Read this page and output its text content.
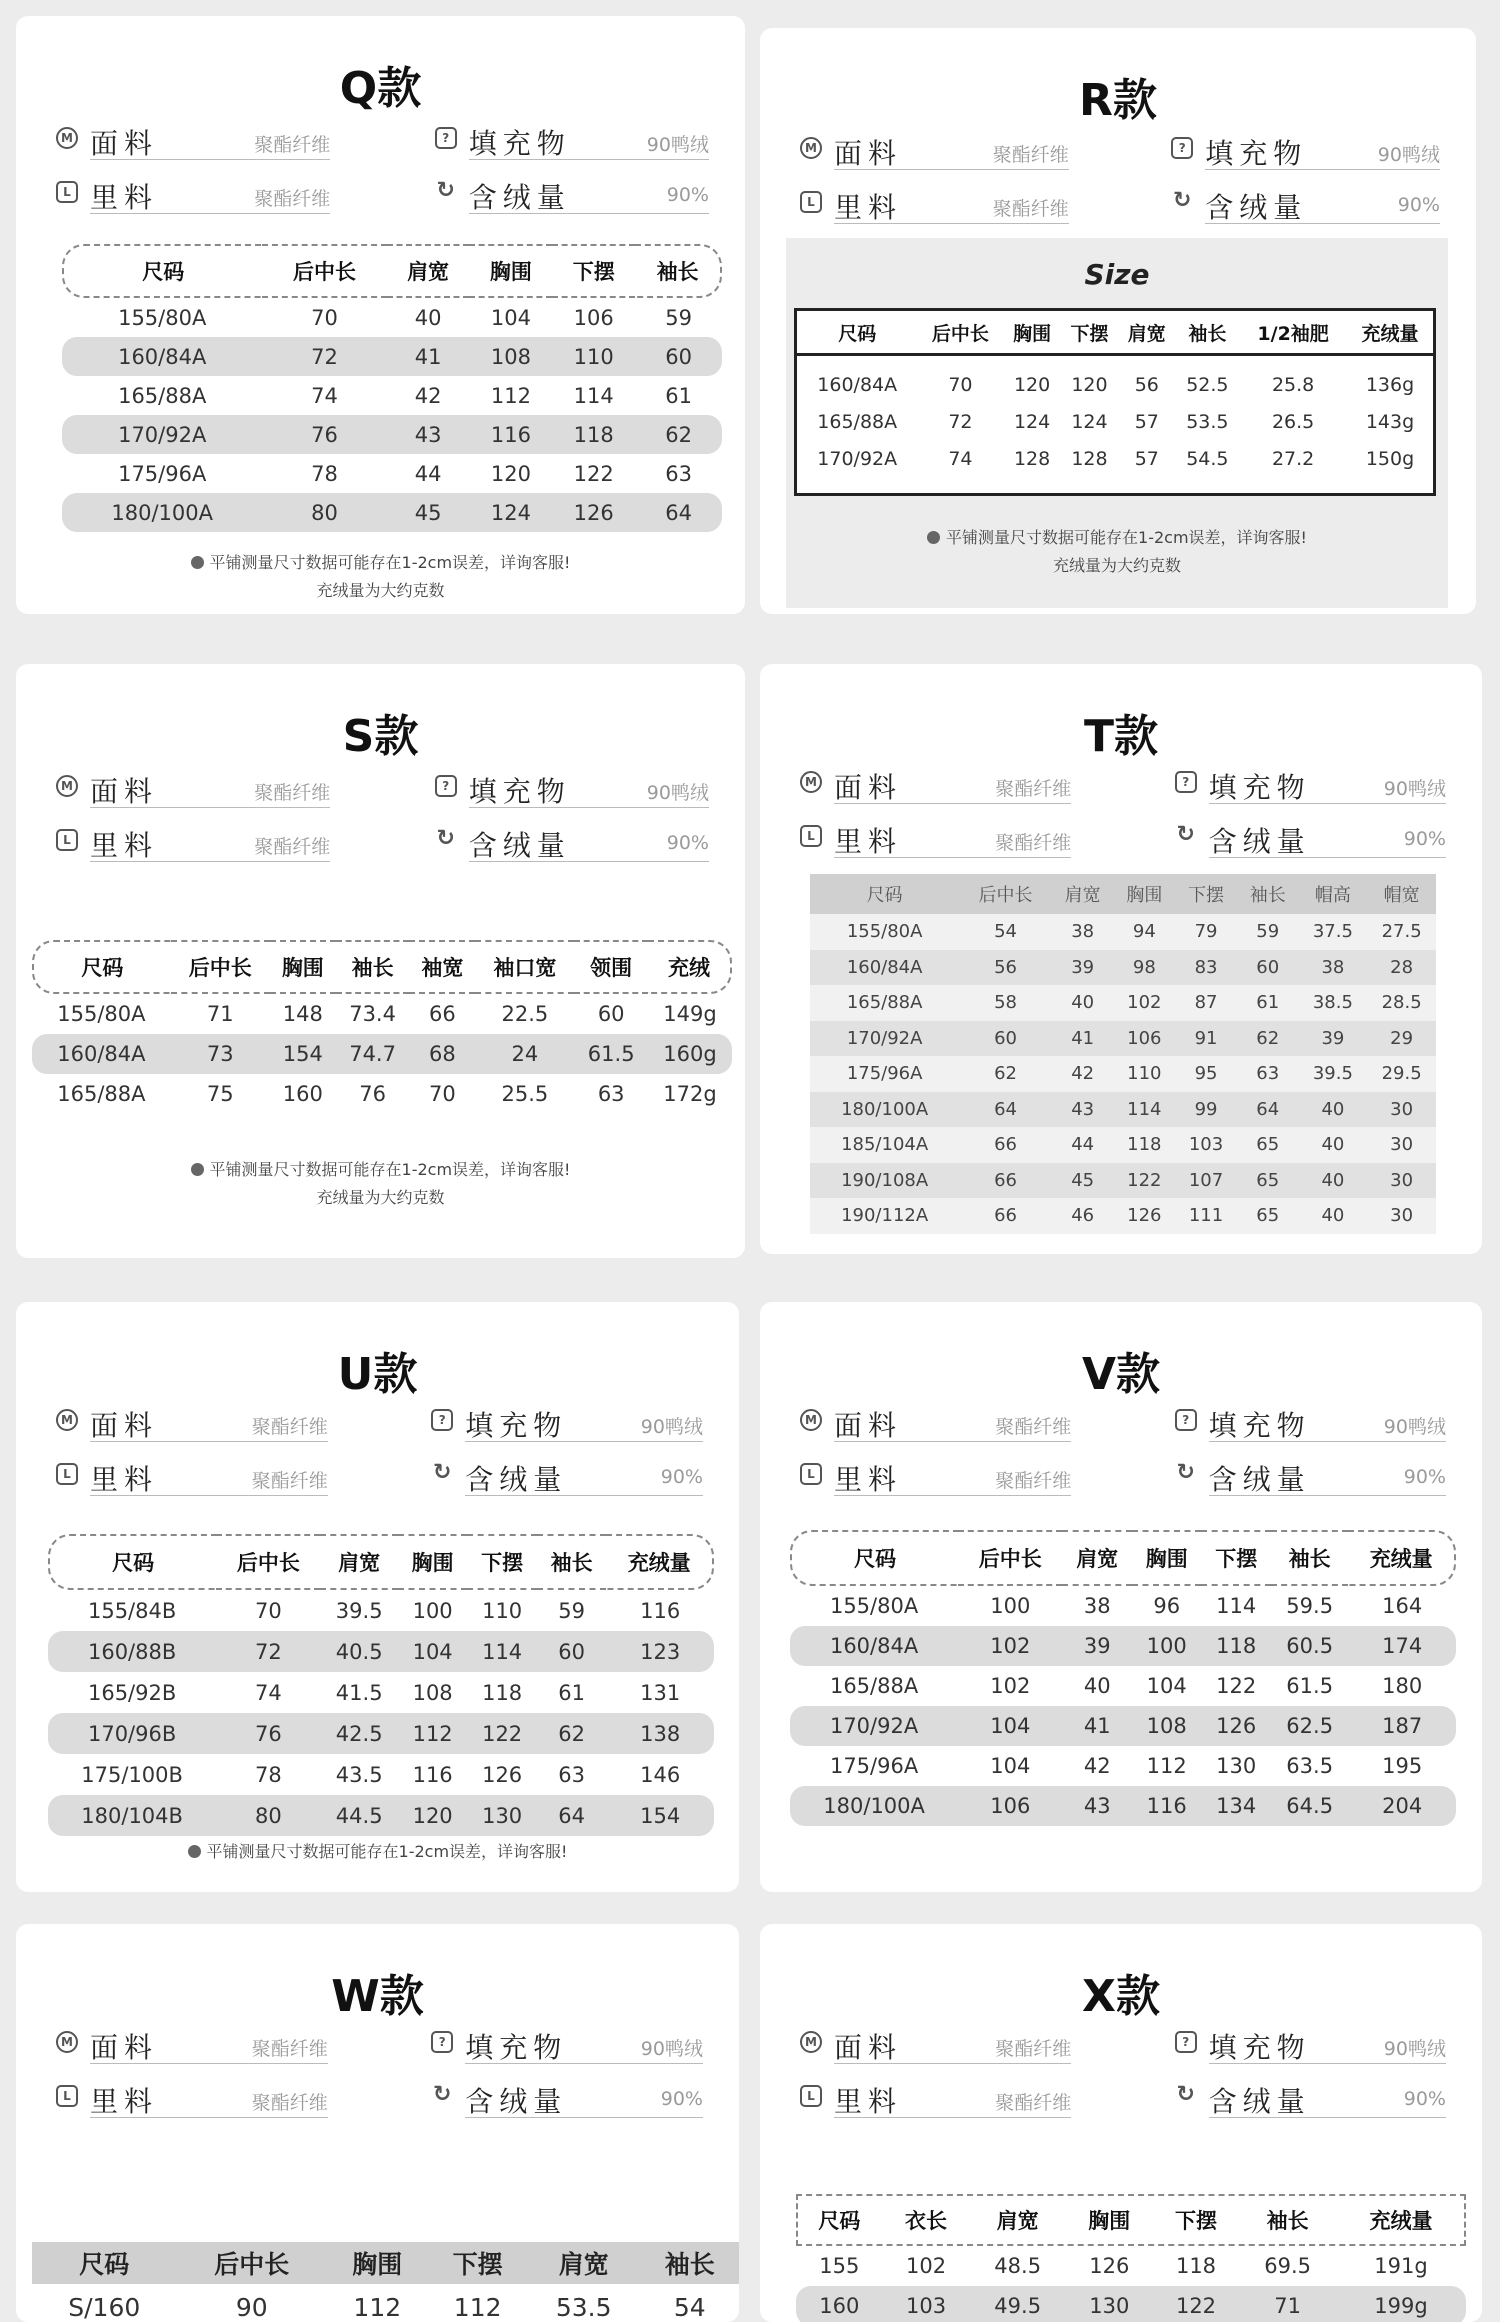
Q款
M 面料	聚酯纤维
L 里料	聚酯纤维
? 填充物	90鸭绒
↻ 含绒量	90%
尺码	后中长	肩宽	胸围	下摆	袖长
155/80A	70	40	104	106	59
160/84A	72	41	108	110	60
165/88A	74	42	112	114	61
170/92A	76	43	116	118	62
175/96A	78	44	120	122	63
180/100A	80	45	124	126	64
平铺测量尺寸数据可能存在1-2cm误差，详询客服!
充绒量为大约克数
R款
M 面料	聚酯纤维
L 里料	聚酯纤维
? 填充物	90鸭绒
↻ 含绒量	90%
Size
尺码	后中长	胸围	下摆	肩宽	袖长	1/2袖肥	充绒量
160/84A	70	120	120	56	52.5	25.8	136g
165/88A	72	124	124	57	53.5	26.5	143g
170/92A	74	128	128	57	54.5	27.2	150g
平铺测量尺寸数据可能存在1-2cm误差，详询客服!
充绒量为大约克数
S款
M 面料	聚酯纤维
L 里料	聚酯纤维
? 填充物	90鸭绒
↻ 含绒量	90%
尺码	后中长	胸围	袖长	袖宽	袖口宽	领围	充绒
155/80A	71	148	73.4	66	22.5	60	149g
160/84A	73	154	74.7	68	24	61.5	160g
165/88A	75	160	76	70	25.5	63	172g
平铺测量尺寸数据可能存在1-2cm误差，详询客服!
充绒量为大约克数
T款
M 面料	聚酯纤维
L 里料	聚酯纤维
? 填充物	90鸭绒
↻ 含绒量	90%
尺码	后中长	肩宽	胸围	下摆	袖长	帽高	帽宽
155/80A	54	38	94	79	59	37.5	27.5
160/84A	56	39	98	83	60	38	28
165/88A	58	40	102	87	61	38.5	28.5
170/92A	60	41	106	91	62	39	29
175/96A	62	42	110	95	63	39.5	29.5
180/100A	64	43	114	99	64	40	30
185/104A	66	44	118	103	65	40	30
190/108A	66	45	122	107	65	40	30
190/112A	66	46	126	111	65	40	30
U款
M 面料	聚酯纤维
L 里料	聚酯纤维
? 填充物	90鸭绒
↻ 含绒量	90%
尺码	后中长	肩宽	胸围	下摆	袖长	充绒量
155/84B	70	39.5	100	110	59	116
160/88B	72	40.5	104	114	60	123
165/92B	74	41.5	108	118	61	131
170/96B	76	42.5	112	122	62	138
175/100B	78	43.5	116	126	63	146
180/104B	80	44.5	120	130	64	154
平铺测量尺寸数据可能存在1-2cm误差，详询客服!
V款
M 面料	聚酯纤维
L 里料	聚酯纤维
? 填充物	90鸭绒
↻ 含绒量	90%
尺码	后中长	肩宽	胸围	下摆	袖长	充绒量
155/80A	100	38	96	114	59.5	164
160/84A	102	39	100	118	60.5	174
165/88A	102	40	104	122	61.5	180
170/92A	104	41	108	126	62.5	187
175/96A	104	42	112	130	63.5	195
180/100A	106	43	116	134	64.5	204
W款
M 面料	聚酯纤维
L 里料	聚酯纤维
? 填充物	90鸭绒
↻ 含绒量	90%
尺码	后中长	胸围	下摆	肩宽	袖长
S/160	90	112	112	53.5	54
X款
M 面料	聚酯纤维
L 里料	聚酯纤维
? 填充物	90鸭绒
↻ 含绒量	90%
尺码	衣长	肩宽	胸围	下摆	袖长	充绒量
155	102	48.5	126	118	69.5	191g
160	103	49.5	130	122	71	199g
